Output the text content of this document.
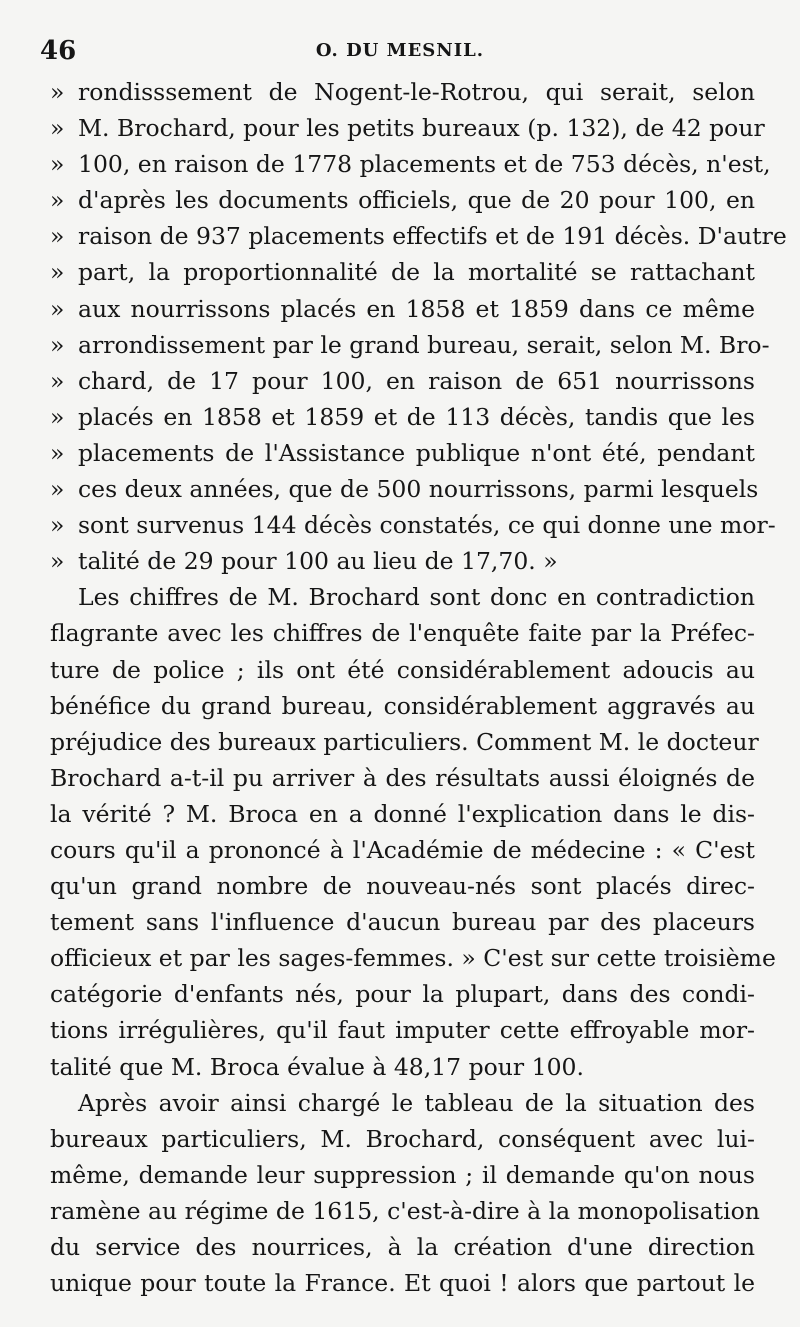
46	O. DU MESNIL.
» rondisssement de Nogent-le-Rotrou, qui serait, selon
» M. Brochard, pour les petits bureaux (p. 132), de 42 pour
» 100, en raison de 1778 placements et de 753 décès, n'est,
» d'après les documents officiels, que de 20 pour 100, en
» raison de 937 placements effectifs et de 191 décès. D'autre
» part, la proportionnalité de la mortalité se rattachant
» aux nourrissons placés en 1858 et 1859 dans ce même
» arrondissement par le grand bureau, serait, selon M. Bro-
» chard, de 17 pour 100, en raison de 651 nourrissons
» placés en 1858 et 1859 et de 113 décès, tandis que les
» placements de l'Assistance publique n'ont été, pendant
» ces deux années, que de 500 nourrissons, parmi lesquels
» sont survenus 144 décès constatés, ce qui donne une mor-
» talité de 29 pour 100 au lieu de 17,70. »
Les chiffres de M. Brochard sont donc en contradiction
flagrante avec les chiffres de l'enquête faite par la Préfec-
ture de police ; ils ont été considérablement adoucis au
bénéfice du grand bureau, considérablement aggravés au
préjudice des bureaux particuliers. Comment M. le docteur
Brochard a-t-il pu arriver à des résultats aussi éloignés de
la vérité ? M. Broca en a donné l'explication dans le dis-
cours qu'il a prononcé à l'Académie de médecine : « C'est
qu'un grand nombre de nouveau-nés sont placés direc-
tement sans l'influence d'aucun bureau par des placeurs
officieux et par les sages-femmes. » C'est sur cette troisième
catégorie d'enfants nés, pour la plupart, dans des condi-
tions irrégulières, qu'il faut imputer cette effroyable mor-
talité que M. Broca évalue à 48,17 pour 100.
Après avoir ainsi chargé le tableau de la situation des
bureaux particuliers, M. Brochard, conséquent avec lui-
même, demande leur suppression ; il demande qu'on nous
ramène au régime de 1615, c'est-à-dire à la monopolisation
du service des nourrices, à la création d'une direction
unique pour toute la France. Et quoi ! alors que partout le
